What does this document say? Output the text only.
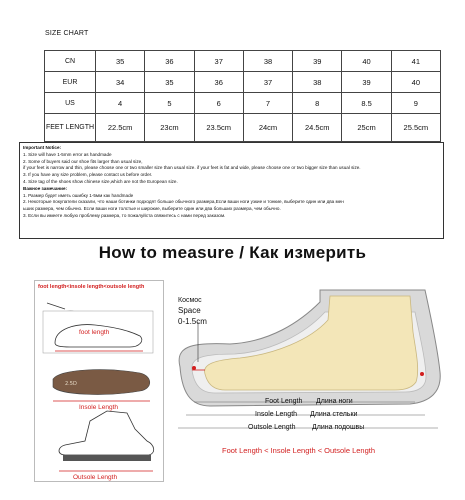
SIZE CHART
CN	35	36	37	38	39	40	41
EUR	34	35	36	37	38	39	40
US	4	5	6	7	8	8.5	9
FEET LENGTH	22.5cm	23cm	23.5cm	24cm	24.5cm	25cm	25.5cm
Important Notice:
1. Size will have 1-5mm error as handmade
2. Some of buyers said our shoe fits larger than usual size,
if your feet is narrow and thin, please choose one or two smaller size than usual size. if your feet is fat and wide, please choose one or two bigger size than usual size.
3. If you have any size problem, please contact us before order.
4. Size tag of the shoes show chinese size,which are not the European size.
Важное замечание:
1. Размер будет иметь ошибку 1-5мм как handmade
2. Некоторые покупатели сказали, что наши ботинки подходят больше обычного размера,Если ваши ноги узкие и тонкие, выберите один или два мен
ьших размера, чем обычно. Если ваши ноги толстые и широкие, выберите один или два больших размера, чем обычно.
3. Если вы имеете любую проблему размера, то пожалуйста свяжитесь с нами перед заказом.
How to measure / Как измерить
foot length<insole length<outsole length
2.5D
foot length
Insole Length
Outsole Length
Космос
Space
0-1.5cm
Foot Length Длина ноги
Insole Length Длина стельки
Outsole Length Длина подошвы
Foot Length < Insole Length < Outsole Length
